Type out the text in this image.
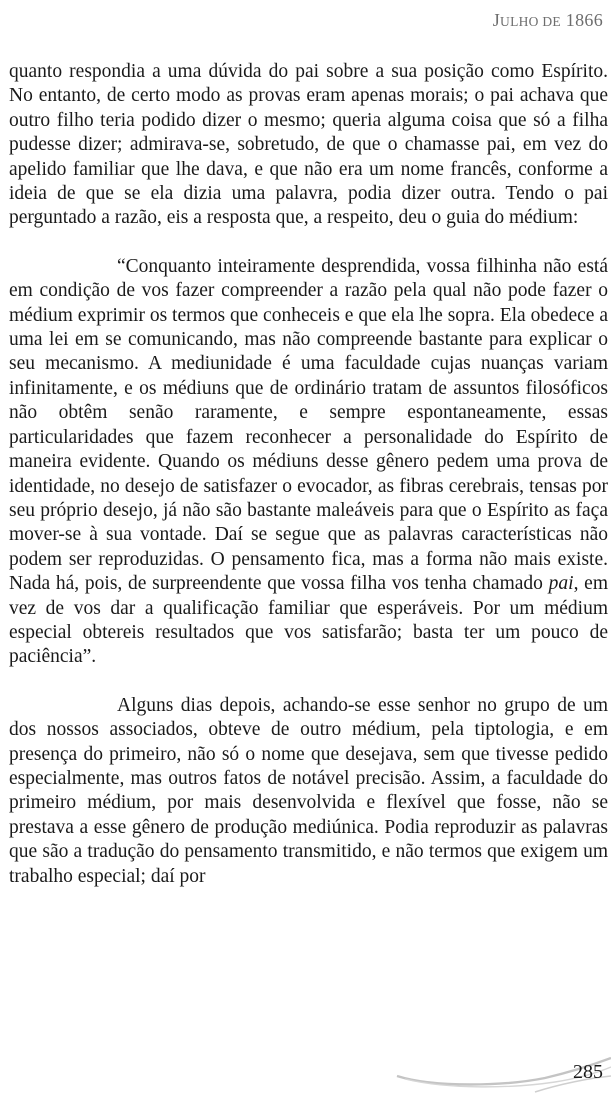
JULHO DE 1866

quanto respondia a uma dúvida do pai sobre a sua posição como Espírito. No entanto, de certo modo as provas eram apenas morais; o pai achava que outro filho teria podido dizer o mesmo; queria alguma coisa que só a filha pudesse dizer; admirava-se, sobretudo, de que o chamasse pai, em vez do apelido familiar que lhe dava, e que não era um nome francês, conforme a ideia de que se ela dizia uma palavra, podia dizer outra. Tendo o pai perguntado a razão, eis a resposta que, a respeito, deu o guia do médium:

“Conquanto inteiramente desprendida, vossa filhinha não está em condição de vos fazer compreender a razão pela qual não pode fazer o médium exprimir os termos que conheceis e que ela lhe sopra. Ela obedece a uma lei em se comunicando, mas não compreende bastante para explicar o seu mecanismo. A mediunidade é uma faculdade cujas nuanças variam infinitamente, e os médiuns que de ordinário tratam de assuntos filosóficos não obtêm senão raramente, e sempre espontaneamente, essas particularidades que fazem reconhecer a personalidade do Espírito de maneira evidente. Quando os médiuns desse gênero pedem uma prova de identidade, no desejo de satisfazer o evocador, as fibras cerebrais, tensas por seu próprio desejo, já não são bastante maleáveis para que o Espírito as faça mover-se à sua vontade. Daí se segue que as palavras características não podem ser reproduzidas. O pensamento fica, mas a forma não mais existe. Nada há, pois, de surpreendente que vossa filha vos tenha chamado pai, em vez de vos dar a qualificação familiar que esperáveis. Por um médium especial obtereis resultados que vos satisfarão; basta ter um pouco de paciência”.

Alguns dias depois, achando-se esse senhor no grupo de um dos nossos associados, obteve de outro médium, pela tiptologia, e em presença do primeiro, não só o nome que desejava, sem que tivesse pedido especialmente, mas outros fatos de notável precisão. Assim, a faculdade do primeiro médium, por mais desenvolvida e flexível que fosse, não se prestava a esse gênero de produção mediúnica. Podia reproduzir as palavras que são a tradução do pensamento transmitido, e não termos que exigem um trabalho especial; daí por

285
